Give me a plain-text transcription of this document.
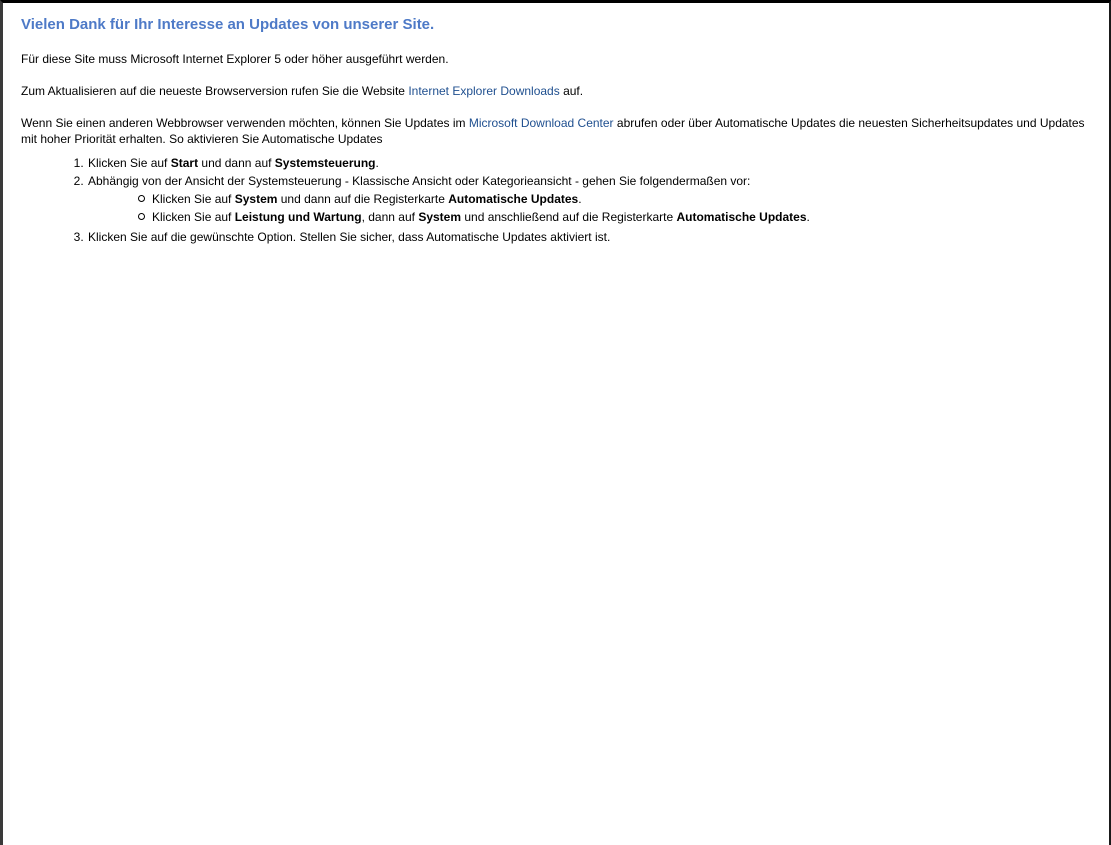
Vielen Dank für Ihr Interesse an Updates von unserer Site.

Für diese Site muss Microsoft Internet Explorer 5 oder höher ausgeführt werden.

Zum Aktualisieren auf die neueste Browserversion rufen Sie die Website Internet Explorer Downloads auf.

Wenn Sie einen anderen Webbrowser verwenden möchten, können Sie Updates im Microsoft Download Center abrufen oder über Automatische Updates die neuesten Sicherheitsupdates und Updates mit hoher Priorität erhalten. So aktivieren Sie Automatische Updates

1. Klicken Sie auf Start und dann auf Systemsteuerung.
2. Abhängig von der Ansicht der Systemsteuerung - Klassische Ansicht oder Kategorieansicht - gehen Sie folgendermaßen vor:
Klicken Sie auf System und dann auf die Registerkarte Automatische Updates.
Klicken Sie auf Leistung und Wartung, dann auf System und anschließend auf die Registerkarte Automatische Updates.
3. Klicken Sie auf die gewünschte Option. Stellen Sie sicher, dass Automatische Updates aktiviert ist.
